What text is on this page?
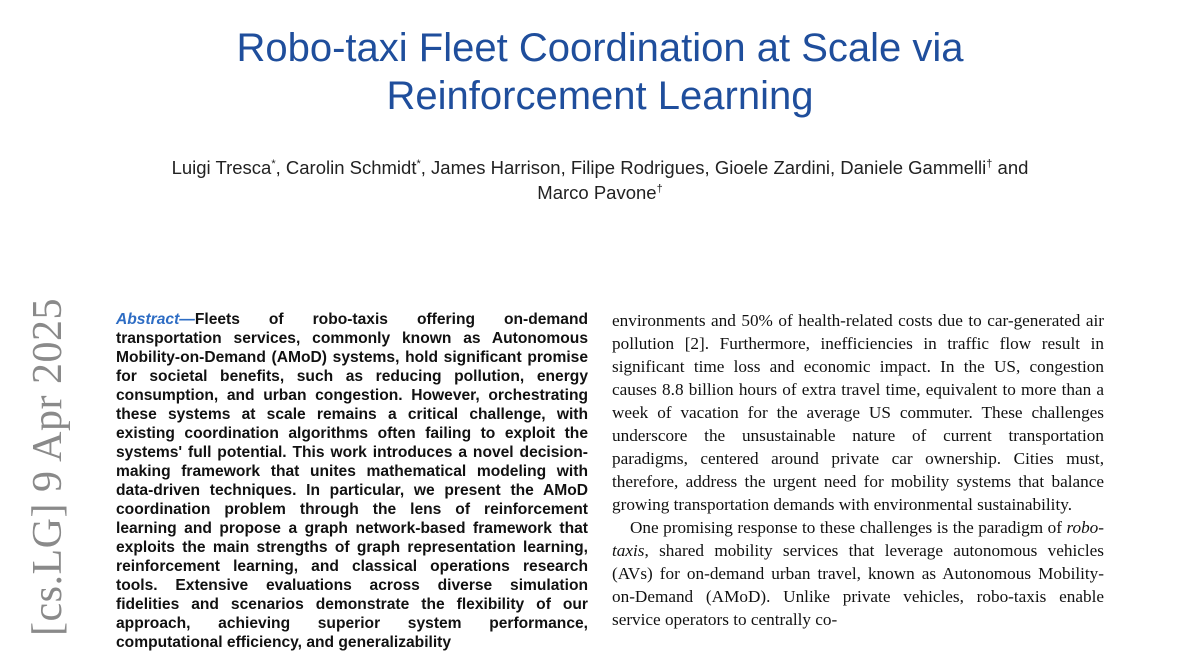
Robo-taxi Fleet Coordination at Scale via
Reinforcement Learning
Luigi Tresca*, Carolin Schmidt*, James Harrison, Filipe Rodrigues, Gioele Zardini, Daniele Gammelli† and
Marco Pavone†
[cs.LG] 9 Apr 2025	Abstract—Fleets of robo-taxis offering on-demand transportation services, commonly known as Autonomous Mobility-on-Demand (AMoD) systems, hold significant promise for societal benefits, such as reducing pollution, energy consumption, and urban congestion. However, orchestrating these systems at scale remains a critical challenge, with existing coordination algorithms often failing to exploit the systems' full potential. This work introduces a novel decision-making framework that unites mathematical modeling with data-driven techniques. In particular, we present the AMoD coordination problem through the lens of reinforcement learning and propose a graph network-based framework that exploits the main strengths of graph representation learning, reinforcement learning, and classical operations research tools. Extensive evaluations across diverse simulation fidelities and scenarios demonstrate the flexibility of our approach, achieving superior system performance, computational efficiency, and generalizability

environments and 50% of health-related costs due to car-generated air pollution [2]. Furthermore, inefficiencies in traffic flow result in significant time loss and economic impact. In the US, congestion causes 8.8 billion hours of extra travel time, equivalent to more than a week of vacation for the average US commuter. These challenges underscore the unsustainable nature of current transportation paradigms, centered around private car ownership. Cities must, therefore, address the urgent need for mobility systems that balance growing transportation demands with environmental sustainability.

One promising response to these challenges is the paradigm of robo-taxis, shared mobility services that leverage autonomous vehicles (AVs) for on-demand urban travel, known as Autonomous Mobility-on-Demand (AMoD). Unlike private vehicles, robo-taxis enable service operators to centrally co-
